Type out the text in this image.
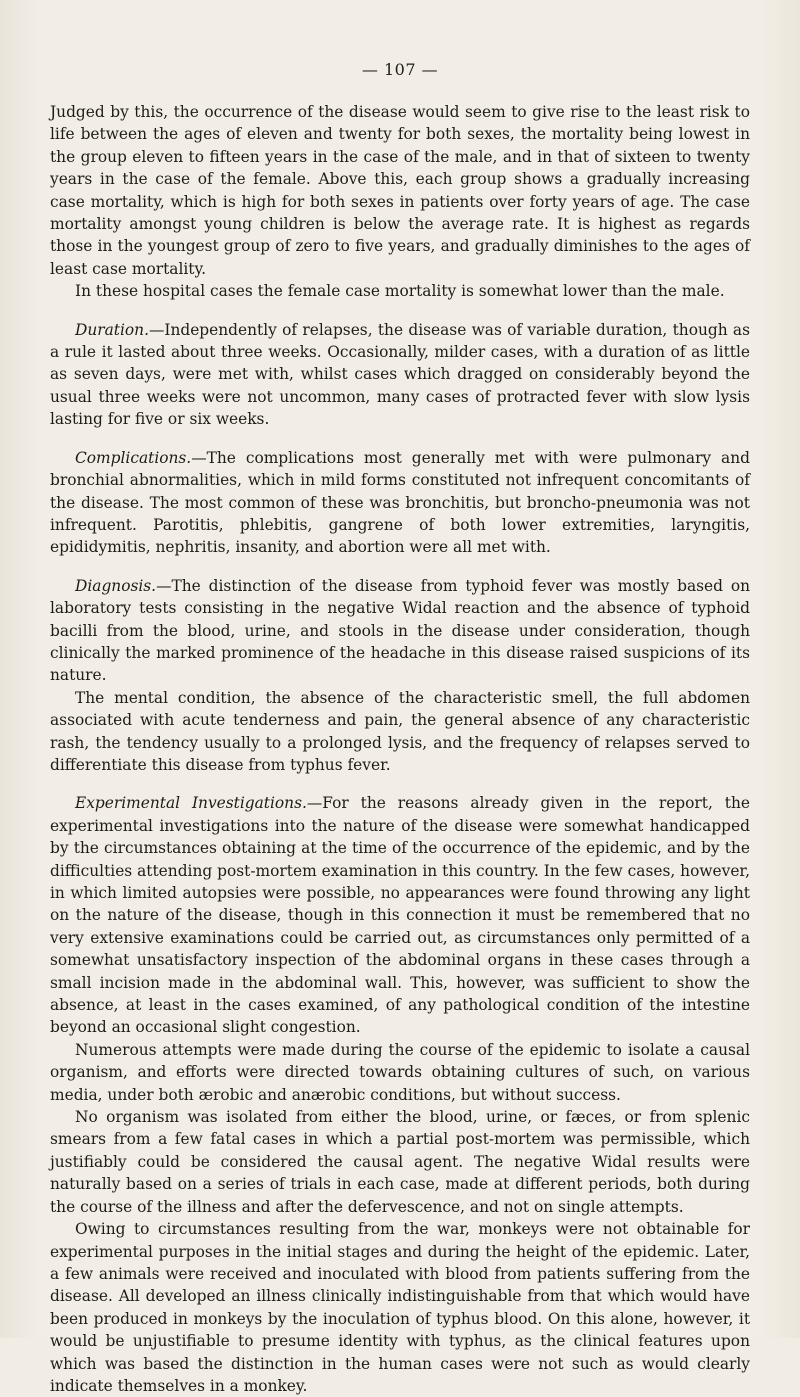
— 107 —

Judged by this, the occurrence of the disease would seem to give rise to the least risk to life between the ages of eleven and twenty for both sexes, the mortality being lowest in the group eleven to fifteen years in the case of the male, and in that of sixteen to twenty years in the case of the female. Above this, each group shows a gradually increasing case mortality, which is high for both sexes in patients over forty years of age. The case mortality amongst young children is below the average rate. It is highest as regards those in the youngest group of zero to five years, and gradually diminishes to the ages of least case mortality.

In these hospital cases the female case mortality is somewhat lower than the male.

Duration.—Independently of relapses, the disease was of variable duration, though as a rule it lasted about three weeks. Occasionally, milder cases, with a duration of as little as seven days, were met with, whilst cases which dragged on considerably beyond the usual three weeks were not uncommon, many cases of protracted fever with slow lysis lasting for five or six weeks.

Complications.—The complications most generally met with were pulmonary and bronchial abnormalities, which in mild forms constituted not infrequent concomitants of the disease. The most common of these was bronchitis, but broncho-pneumonia was not infrequent. Parotitis, phlebitis, gangrene of both lower extremities, laryngitis, epididymitis, nephritis, insanity, and abortion were all met with.

Diagnosis.—The distinction of the disease from typhoid fever was mostly based on laboratory tests consisting in the negative Widal reaction and the absence of typhoid bacilli from the blood, urine, and stools in the disease under consideration, though clinically the marked prominence of the headache in this disease raised suspicions of its nature.

The mental condition, the absence of the characteristic smell, the full abdomen associated with acute tenderness and pain, the general absence of any characteristic rash, the tendency usually to a prolonged lysis, and the frequency of relapses served to differentiate this disease from typhus fever.

Experimental Investigations.—For the reasons already given in the report, the experimental investigations into the nature of the disease were somewhat handicapped by the circumstances obtaining at the time of the occurrence of the epidemic, and by the difficulties attending post-mortem examination in this country. In the few cases, however, in which limited autopsies were possible, no appearances were found throwing any light on the nature of the disease, though in this connection it must be remembered that no very extensive examinations could be carried out, as circumstances only permitted of a somewhat unsatisfactory inspection of the abdominal organs in these cases through a small incision made in the abdominal wall. This, however, was sufficient to show the absence, at least in the cases examined, of any pathological condition of the intestine beyond an occasional slight congestion.

Numerous attempts were made during the course of the epidemic to isolate a causal organism, and efforts were directed towards obtaining cultures of such, on various media, under both ærobic and anærobic conditions, but without success.

No organism was isolated from either the blood, urine, or fæces, or from splenic smears from a few fatal cases in which a partial post-mortem was permissible, which justifiably could be considered the causal agent. The negative Widal results were naturally based on a series of trials in each case, made at different periods, both during the course of the illness and after the defervescence, and not on single attempts.

Owing to circumstances resulting from the war, monkeys were not obtainable for experimental purposes in the initial stages and during the height of the epidemic. Later, a few animals were received and inoculated with blood from patients suffering from the disease. All developed an illness clinically indistinguishable from that which would have been produced in monkeys by the inoculation of typhus blood. On this alone, however, it would be unjustifiable to presume identity with typhus, as the clinical features upon which was based the distinction in the human cases were not such as would clearly indicate themselves in a monkey.
